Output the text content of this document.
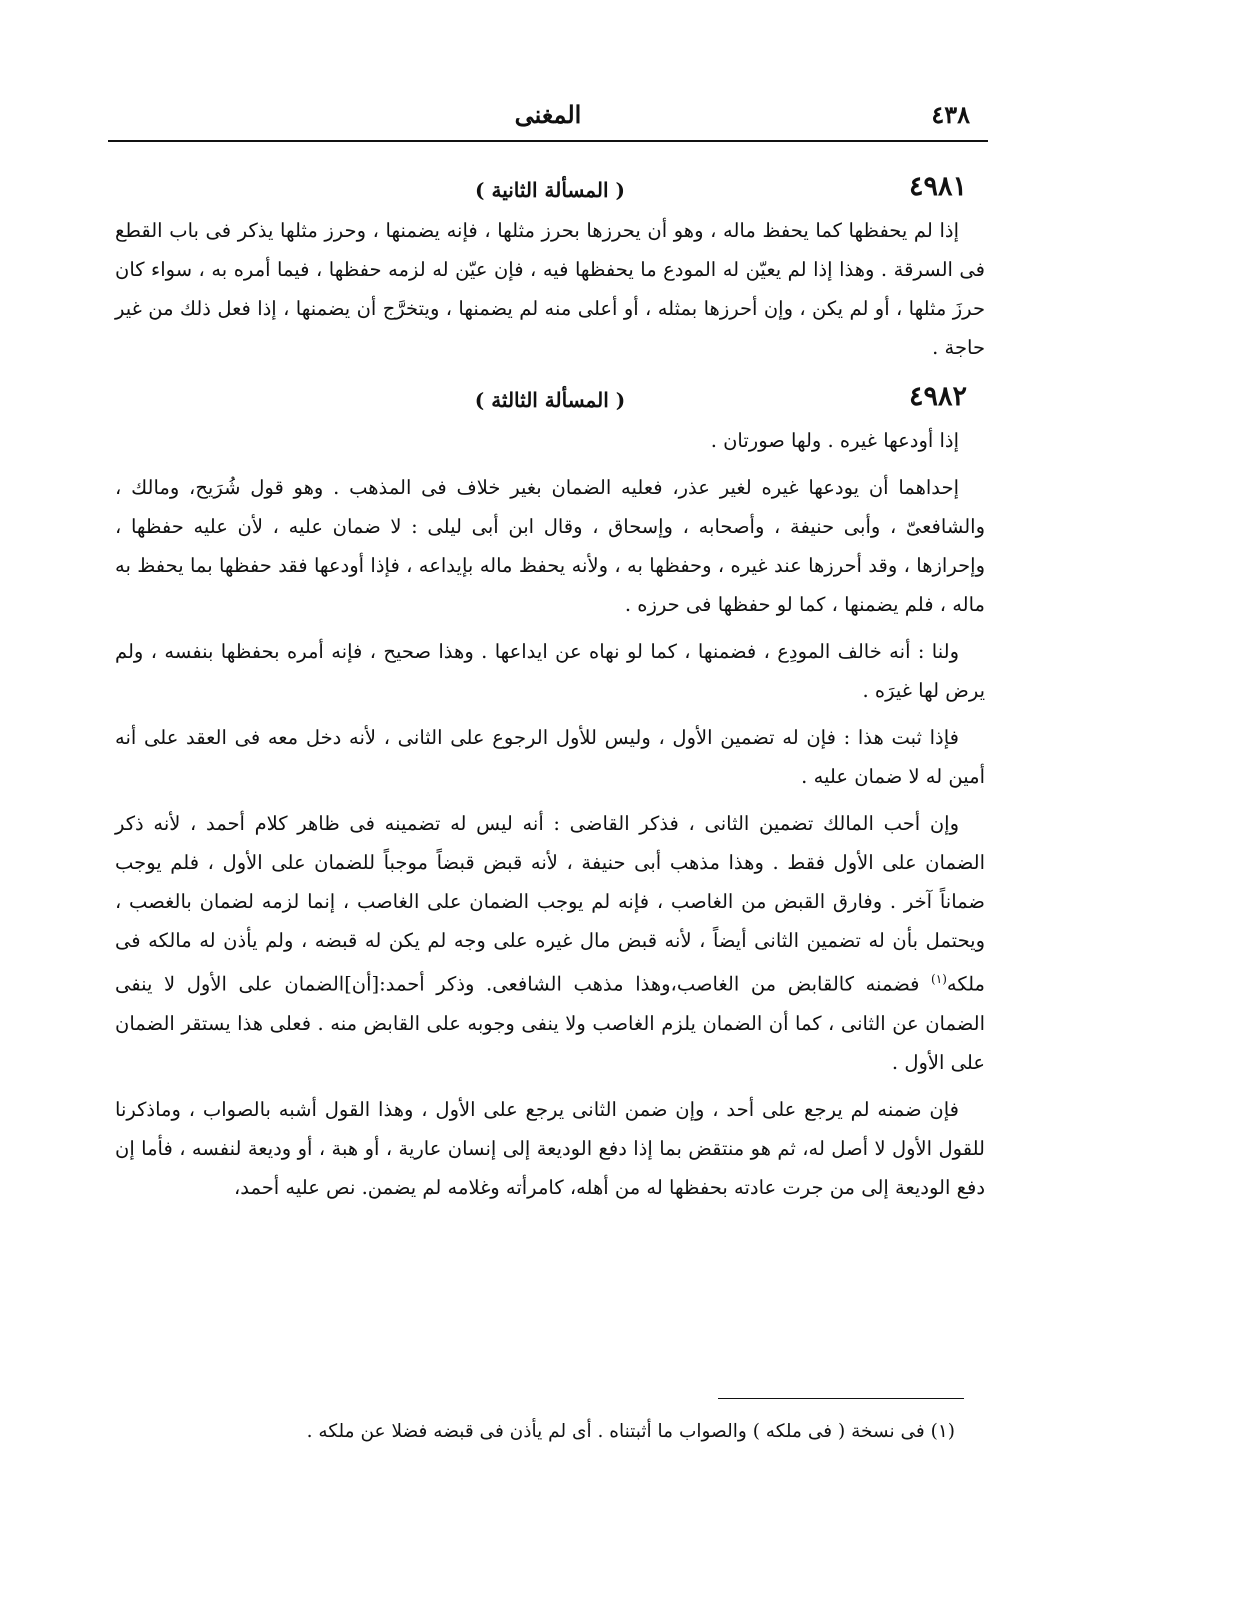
٤٣٨
المغنى
٤٩٨١
( المسألة الثانية )

إذا لم يحفظها كما يحفظ ماله ، وهو أن يحرزها بحرز مثلها ، فإنه يضمنها ، وحرز مثلها يذكر فى باب القطع فى السرقة . وهذا إذا لم يعيّن له المودع ما يحفظها فيه ، فإن عيّن له لزمه حفظها ، فيما أمره به ، سواء كان حرزَ مثلها ، أو لم يكن ، وإن أحرزها بمثله ، أو أعلى منه لم يضمنها ، ويتخرَّج أن يضمنها ، إذا فعل ذلك من غير حاجة .

٤٩٨٢
( المسألة الثالثة )

إذا أودعها غيره . ولها صورتان .

إحداهما أن يودعها غيره لغير عذر، فعليه الضمان بغير خلاف فى المذهب . وهو قول شُرَيح، ومالك ، والشافعىّ ، وأبى حنيفة ، وأصحابه ، وإسحاق ، وقال ابن أبى ليلى : لا ضمان عليه ، لأن عليه حفظها ، وإحرازها ، وقد أحرزها عند غيره ، وحفظها به ، ولأنه يحفظ ماله بإيداعه ، فإذا أودعها فقد حفظها بما يحفظ به ماله ، فلم يضمنها ، كما لو حفظها فى حرزه .

ولنا : أنه خالف المودِع ، فضمنها ، كما لو نهاه عن ايداعها . وهذا صحيح ، فإنه أمره بحفظها بنفسه ، ولم يرض لها غيرَه .

فإذا ثبت هذا : فإن له تضمين الأول ، وليس للأول الرجوع على الثانى ، لأنه دخل معه فى العقد على أنه أمين له لا ضمان عليه .

وإن أحب المالك تضمين الثانى ، فذكر القاضى : أنه ليس له تضمينه فى ظاهر كلام أحمد ، لأنه ذكر الضمان على الأول فقط . وهذا مذهب أبى حنيفة ، لأنه قبض قبضاً موجباً للضمان على الأول ، فلم يوجب ضماناً آخر . وفارق القبض من الغاصب ، فإنه لم يوجب الضمان على الغاصب ، إنما لزمه لضمان بالغصب ، ويحتمل بأن له تضمين الثانى أيضاً ، لأنه قبض مال غيره على وجه لم يكن له قبضه ، ولم يأذن له مالكه فى ملكه$^{(١)}$ فضمنه كالقابض من الغاصب،وهذا مذهب الشافعى. وذكر أحمد:[أن]الضمان على الأول لا ينفى الضمان عن الثانى ، كما أن الضمان يلزم الغاصب ولا ينفى وجوبه على القابض منه . فعلى هذا يستقر الضمان على الأول .

فإن ضمنه لم يرجع على أحد ، وإن ضمن الثانى يرجع على الأول ، وهذا القول أشبه بالصواب ، وماذكرنا للقول الأول لا أصل له، ثم هو منتقض بما إذا دفع الوديعة إلى إنسان عارية ، أو هبة ، أو وديعة لنفسه ، فأما إن دفع الوديعة إلى من جرت عادته بحفظها له من أهله، كامرأته وغلامه لم يضمن. نص عليه أحمد،

(١) فى نسخة ( فى ملكه ) والصواب ما أثبتناه . أى لم يأذن فى قبضه فضلا عن ملكه .
